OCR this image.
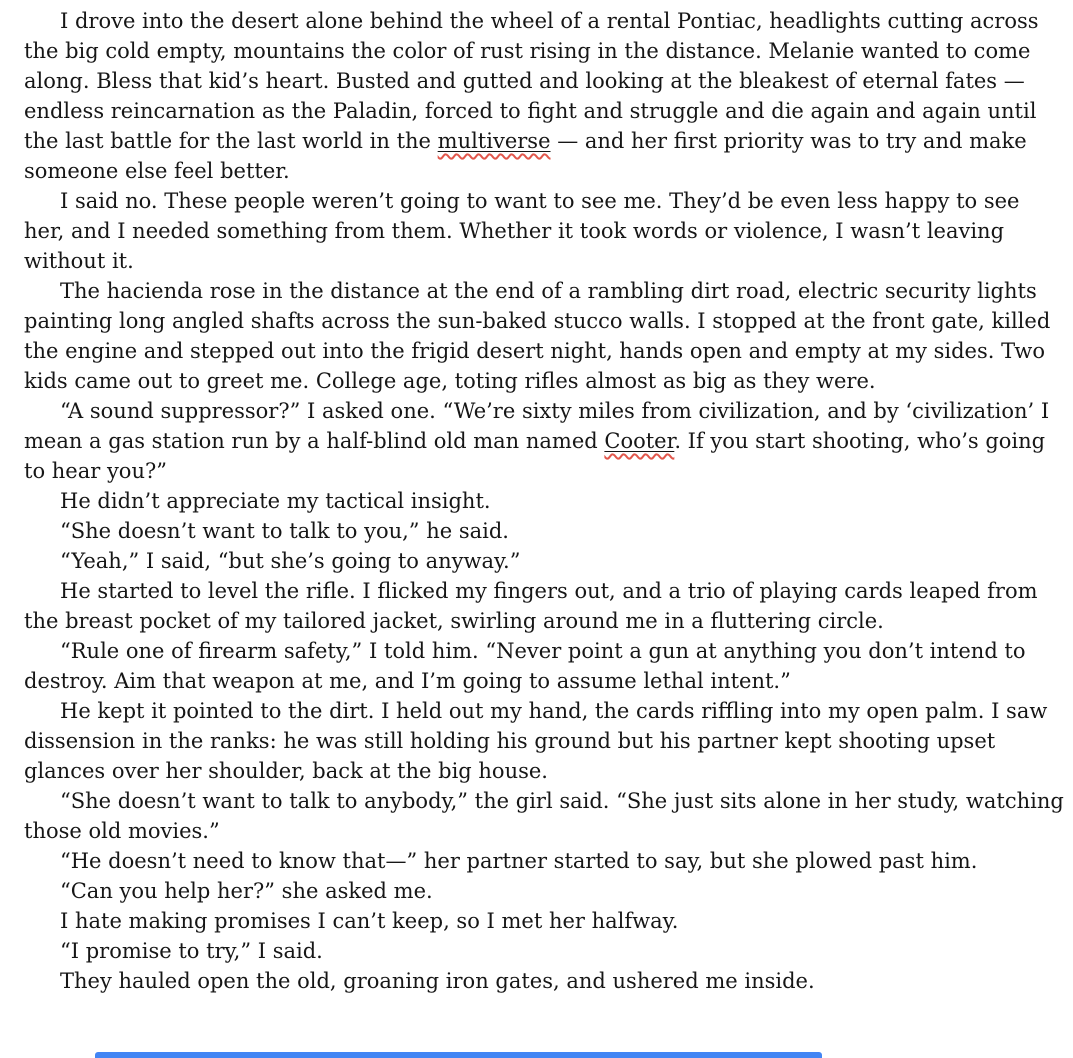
I drove into the desert alone behind the wheel of a rental Pontiac, headlights cutting across the big cold empty, mountains the color of rust rising in the distance. Melanie wanted to come along. Bless that kid’s heart. Busted and gutted and looking at the bleakest of eternal fates — endless reincarnation as the Paladin, forced to fight and struggle and die again and again until the last battle for the last world in the multiverse — and her first priority was to try and make someone else feel better.

I said no. These people weren’t going to want to see me. They’d be even less happy to see her, and I needed something from them. Whether it took words or violence, I wasn’t leaving without it.

The hacienda rose in the distance at the end of a rambling dirt road, electric security lights painting long angled shafts across the sun-baked stucco walls. I stopped at the front gate, killed the engine and stepped out into the frigid desert night, hands open and empty at my sides. Two kids came out to greet me. College age, toting rifles almost as big as they were.

“A sound suppressor?” I asked one. “We’re sixty miles from civilization, and by ‘civilization’ I mean a gas station run by a half-blind old man named Cooter. If you start shooting, who’s going to hear you?”

He didn’t appreciate my tactical insight.

“She doesn’t want to talk to you,” he said.

“Yeah,” I said, “but she’s going to anyway.”

He started to level the rifle. I flicked my fingers out, and a trio of playing cards leaped from the breast pocket of my tailored jacket, swirling around me in a fluttering circle.

“Rule one of firearm safety,” I told him. “Never point a gun at anything you don’t intend to destroy. Aim that weapon at me, and I’m going to assume lethal intent.”

He kept it pointed to the dirt. I held out my hand, the cards riffling into my open palm. I saw dissension in the ranks: he was still holding his ground but his partner kept shooting upset glances over her shoulder, back at the big house.

“She doesn’t want to talk to anybody,” the girl said. “She just sits alone in her study, watching those old movies.”

“He doesn’t need to know that—” her partner started to say, but she plowed past him.

“Can you help her?” she asked me.

I hate making promises I can’t keep, so I met her halfway.

“I promise to try,” I said.

They hauled open the old, groaning iron gates, and ushered me inside.
